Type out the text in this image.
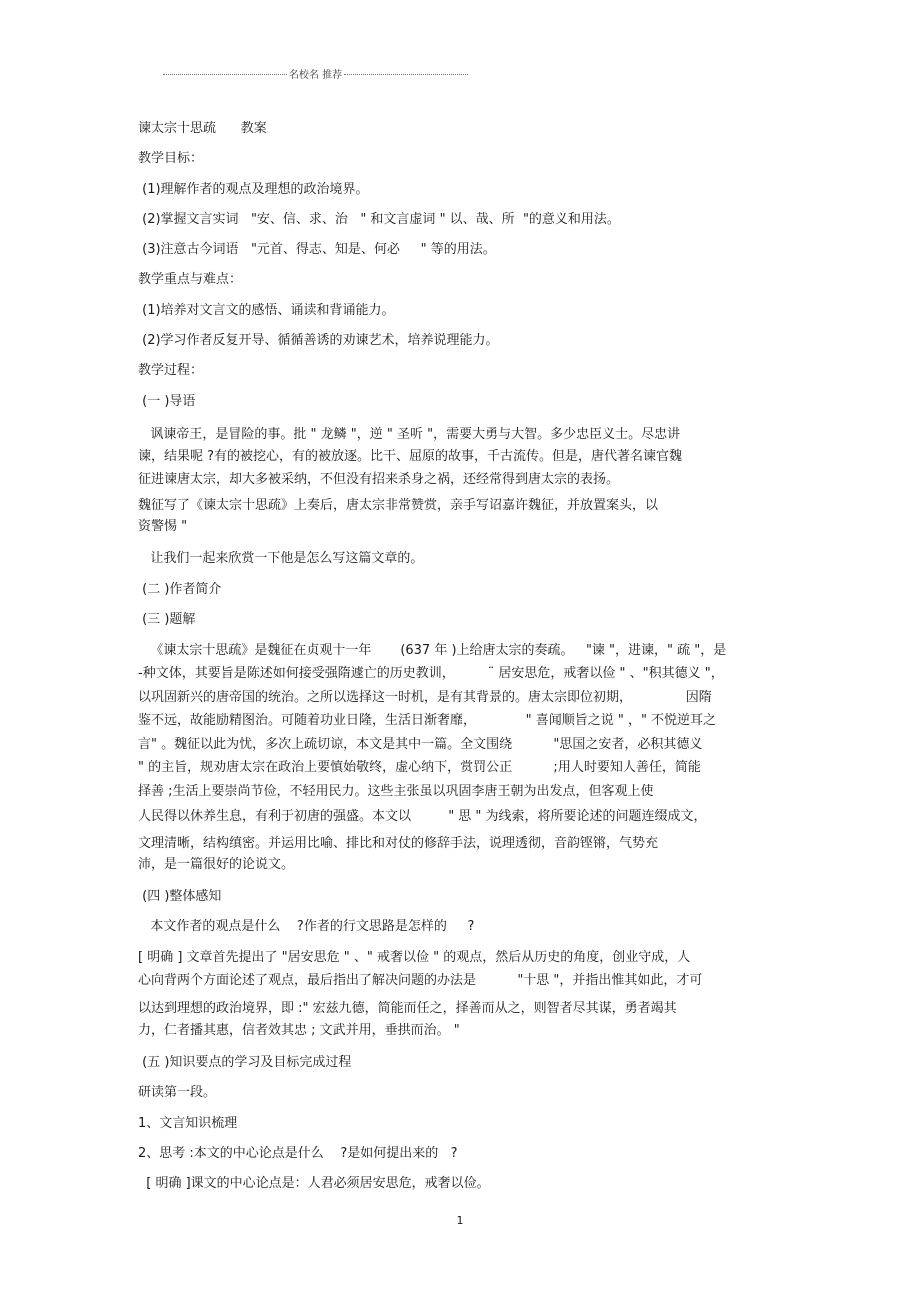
名校名 推荐

谏太宗十思疏      教案

教学目标：

(1)理解作者的观点及理想的政治境界。

(2)掌握文言实词   "安、信、求、治   " 和文言虚词 " 以、哉、所  "的意义和用法。

(3)注意古今词语   "元首、得志、知是、何必     " 等的用法。

教学重点与难点：

(1)培养对文言文的感悟、诵读和背诵能力。

(2)学习作者反复开导、循循善诱的劝谏艺术，培养说理能力。

教学过程：

(一 )导语

讽谏帝王，是冒险的事。批 " 龙鳞 "，逆 " 圣听 "，需要大勇与大智。多少忠臣义士。尽忠讲

谏，结果呢 ?有的被挖心，有的被放逐。比干、屈原的故事，千古流传。但是，唐代著名谏官魏

征进谏唐太宗，却大多被采纳，不但没有招来杀身之祸，还经常得到唐太宗的表扬。

魏征写了《谏太宗十思疏》上奏后，唐太宗非常赞赏，亲手写诏嘉许魏征，并放置案头，以

资警惕 "

让我们一起来欣赏一下他是怎么写这篇文章的。

(二 )作者简介

(三 )题解

《谏太宗十思疏》是魏征在贞观十一年       (637 年 )上给唐太宗的奏疏。   "谏 "，进谏，" 疏 "，是

-种文体，其要旨是陈述如何接受强隋遽亡的历史教训，        ¨ 居安思危，戒奢以俭 " 、"积其德义 "，

以巩固新兴的唐帝国的统治。之所以选择这一时机，是有其背景的。唐太宗即位初期，             因隋

鉴不远，故能励精图治。可随着功业日隆，生活日渐奢靡，            " 喜闻顺旨之说 " ，" 不悦逆耳之

言" 。魏征以此为忧，多次上疏切谅，本文是其中一篇。全文围绕          "思国之安者，必积其德义

" 的主旨，规劝唐太宗在政治上要慎始敬终，虚心纳下，赏罚公正          ;用人时要知人善任，简能

择善 ;生活上要崇尚节俭，不轻用民力。这些主张虽以巩固李唐王朝为出发点，但客观上使

人民得以休养生息，有利于初唐的强盛。本文以         " 思 " 为线索，将所要论述的问题连缀成文，

文理清晰，结构缜密。并运用比喻、排比和对仗的修辞手法，说理透彻，音韵铿锵，气势充

沛，是一篇很好的论说文。

(四 )整体感知

本文作者的观点是什么    ?作者的行文思路是怎样的     ?

[ 明确 ] 文章首先提出了 "居安思危 " 、" 戒奢以俭 " 的观点，然后从历史的角度，创业守成，人

心向背两个方面论述了观点，最后指出了解决问题的办法是          "十思 "，并指出惟其如此，才可

以达到理想的政治境界，即 :" 宏兹九德，简能而任之，择善而从之，则智者尽其谋，勇者竭其

力，仁者播其惠，信者效其忠 ; 文武并用，垂拱而治。 "

(五 )知识要点的学习及目标完成过程

研读第一段。

1、文言知识梳理

2、思考 :本文的中心论点是什么    ?是如何提出来的   ?

[ 明确 ]课文的中心论点是：人君必须居安思危，戒奢以俭。

1
